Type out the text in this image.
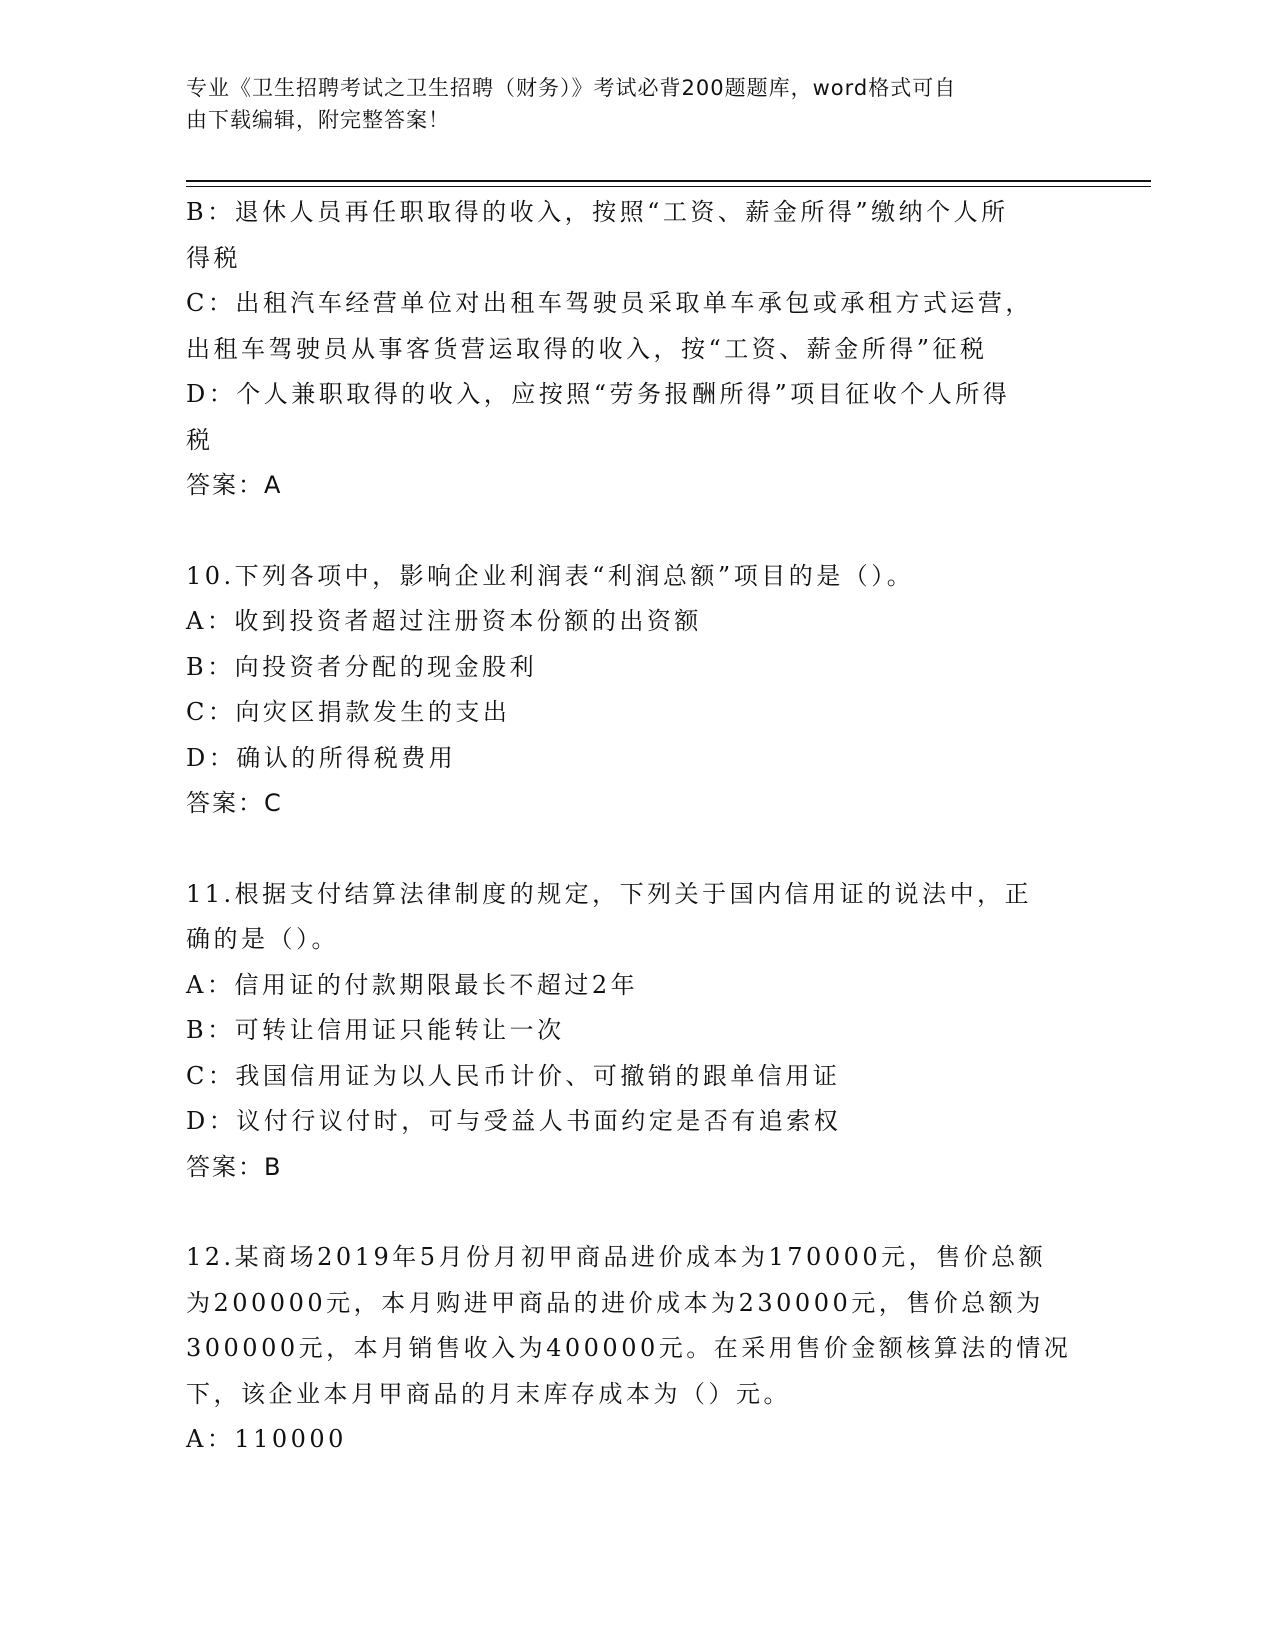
专业《卫生招聘考试之卫生招聘（财务）》考试必背200题题库，word格式可自
由下载编辑，附完整答案！
B：退休人员再任职取得的收入，按照“工资、薪金所得”缴纳个人所
得税
C：出租汽车经营单位对出租车驾驶员采取单车承包或承租方式运营，
出租车驾驶员从事客货营运取得的收入，按“工资、薪金所得”征税
D：个人兼职取得的收入，应按照“劳务报酬所得”项目征收个人所得
税
答案：A
10.下列各项中，影响企业利润表“利润总额”项目的是（）。
A：收到投资者超过注册资本份额的出资额
B：向投资者分配的现金股利
C：向灾区捐款发生的支出
D：确认的所得税费用
答案：C
11.根据支付结算法律制度的规定，下列关于国内信用证的说法中，正
确的是（）。
A：信用证的付款期限最长不超过2年
B：可转让信用证只能转让一次
C：我国信用证为以人民币计价、可撤销的跟单信用证
D：议付行议付时，可与受益人书面约定是否有追索权
答案：B
12.某商场2019年5月份月初甲商品进价成本为170000元，售价总额
为200000元，本月购进甲商品的进价成本为230000元，售价总额为
300000元，本月销售收入为400000元。在采用售价金额核算法的情况
下，该企业本月甲商品的月末库存成本为（）元。
A：110000
